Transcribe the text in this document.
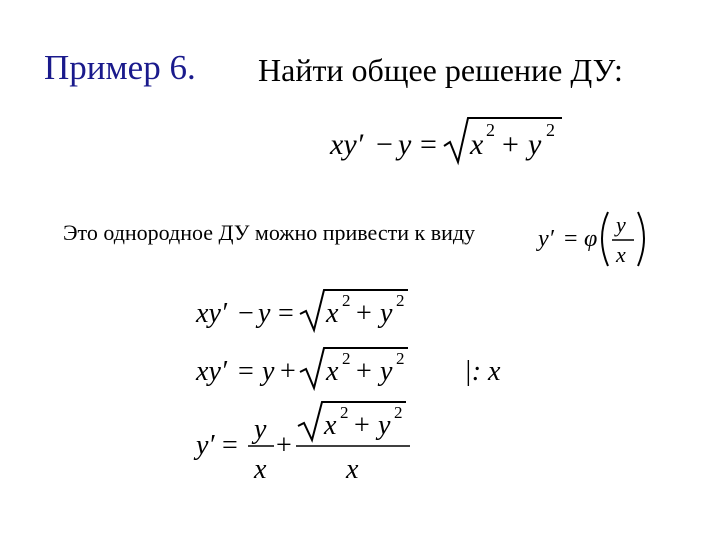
Пример 6. Найти общее решение ДУ:
xy′ − y = x 2 + y 2
Это однородное ДУ можно привести к виду	y′ = φ
y
x
xy′ − y = x 2 + y 2
xy′ = y + x 2 + y 2 |: x
y′ =
y
x
+
x 2 + y 2
x
